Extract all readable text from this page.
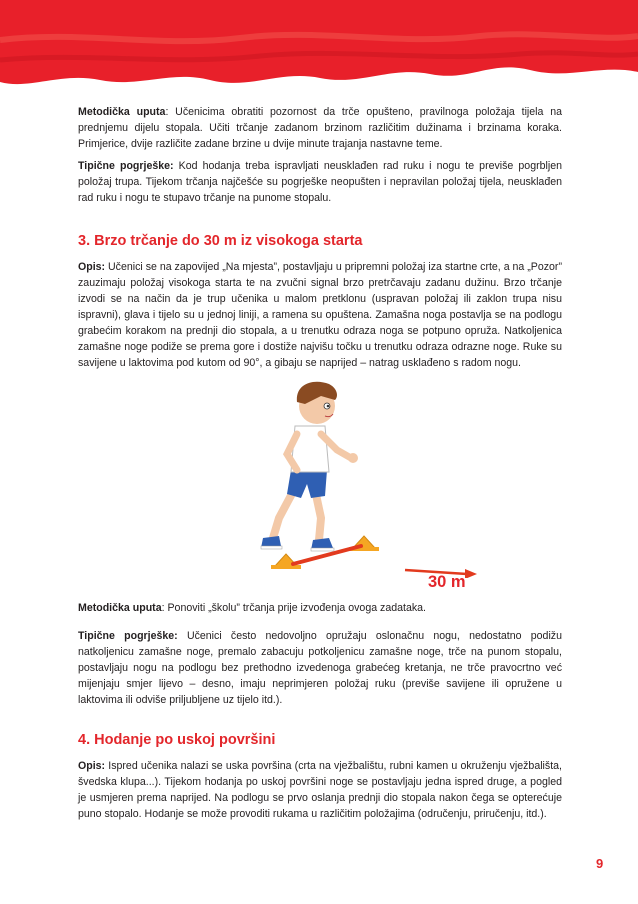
Metodička uputa: Učenicima obratiti pozornost da trče opušteno, pravilnoga položaja tijela na prednjemu dijelu stopala. Učiti trčanje zadanom brzinom različitim dužinama i brzinama koraka. Primjerice, dvije različite zadane brzine u dvije minute trajanja nastavne teme.

Tipične pogrješke: Kod hodanja treba ispravljati neusklađen rad ruku i nogu te previše pogrbljen položaj trupa. Tijekom trčanja najčešće su pogrješke neopušten i nepravilan položaj tijela, neusklađen rad ruku i nogu te stupavo trčanje na punome stopalu.

3. Brzo trčanje do 30 m iz visokoga starta

Opis: Učenici se na zapovijed „Na mjesta”, postavljaju u pripremni položaj iza startne crte, a na „Pozor” zauzimaju položaj visokoga starta te na zvučni signal brzo pretrčavaju zadanu dužinu. Brzo trčanje izvodi se na način da je trup učenika u malom pretklonu (uspravan položaj ili zaklon trupa nisu ispravni), glava i tijelo su u jednoj liniji, a ramena su opuštena. Zamašna noga postavlja se na podlogu grabećim korakom na prednji dio stopala, a u trenutku odraza noga se potpuno opruža. Natkoljenica zamašne noge podiže se prema gore i dostiže najvišu točku u trenutku odraza odrazne noge. Ruke su savijene u laktovima pod kutom od 90°, a gibaju se naprijed – natrag usklađeno s radom nogu.

30 m

Metodička uputa: Ponoviti „školu” trčanja prije izvođenja ovoga zadataka.

Tipične pogrješke: Učenici često nedovoljno opružaju oslonačnu nogu, nedostatno podižu natkoljenicu zamašne noge, premalo zabacuju potkoljenicu zamašne noge, trče na punom stopalu, postavljaju nogu na podlogu bez prethodno izvedenoga grabećeg kretanja, ne trče pravocrtno već mijenjaju smjer lijevo – desno, imaju neprimjeren položaj ruku (previše savijene ili opružene u laktovima ili odviše priljubljene uz tijelo itd.).

4. Hodanje po uskoj površini

Opis: Ispred učenika nalazi se uska površina (crta na vježbalištu, rubni kamen u okruženju vježbališta, švedska klupa...). Tijekom hodanja po uskoj površini noge se postavljaju jedna ispred druge, a pogled je usmjeren prema naprijed. Na podlogu se prvo oslanja prednji dio stopala nakon čega se opterećuje puno stopalo. Hodanje se može provoditi rukama u različitim položajima (odručenju, priručenju, itd.).

9
